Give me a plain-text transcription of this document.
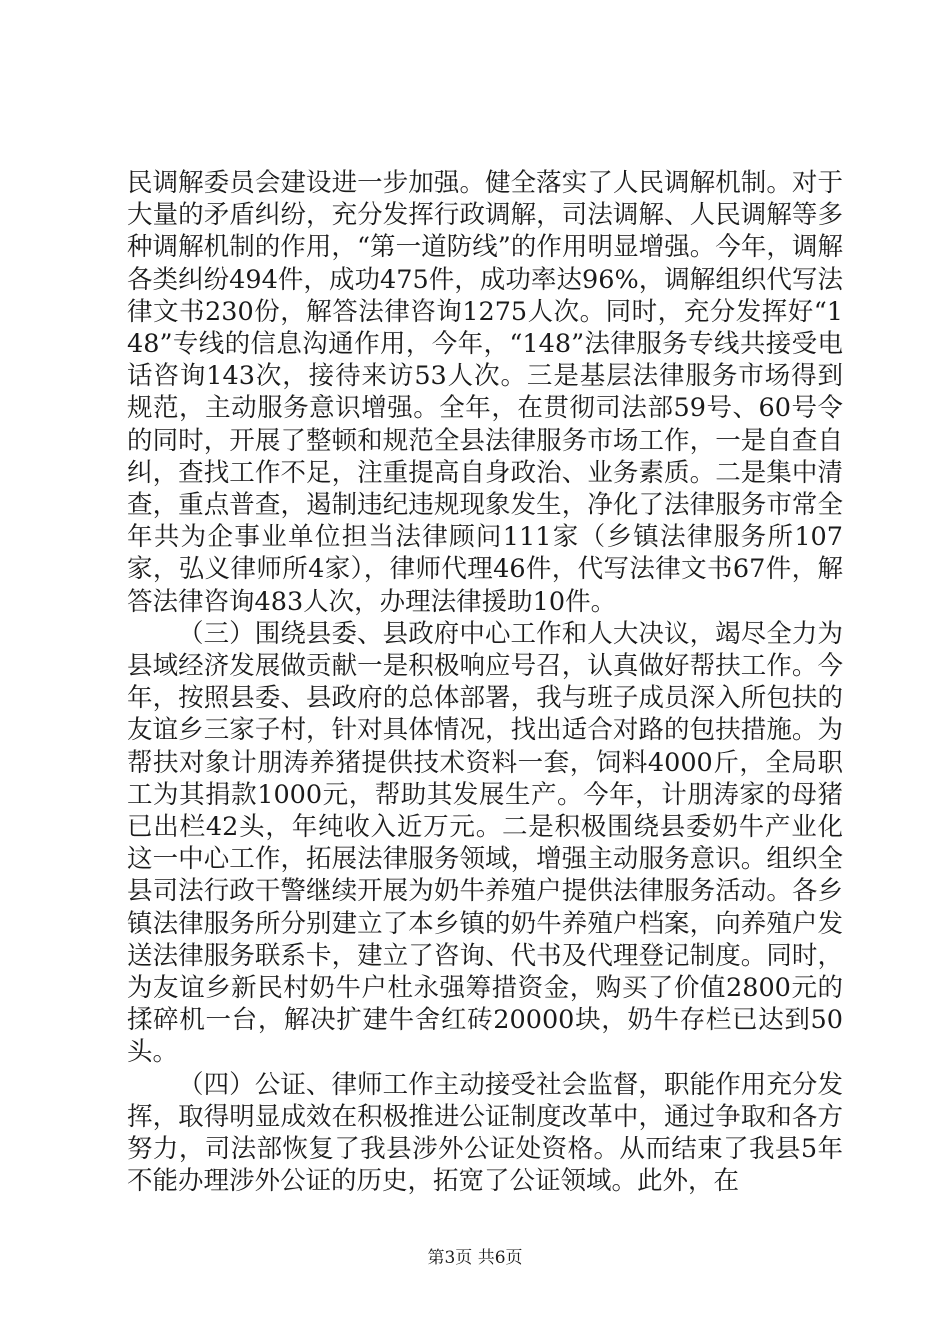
民调解委员会建设进一步加强。健全落实了人民调解机制。对于大量的矛盾纠纷，充分发挥行政调解，司法调解、人民调解等多种调解机制的作用，“第一道防线”的作用明显增强。今年，调解各类纠纷494件，成功475件，成功率达96%，调解组织代写法律文书230份，解答法律咨询1275人次。同时，充分发挥好“148”专线的信息沟通作用，今年，“148”法律服务专线共接受电话咨询143次，接待来访53人次。三是基层法律服务市场得到规范，主动服务意识增强。全年，在贯彻司法部59号、60号令的同时，开展了整顿和规范全县法律服务市场工作，一是自查自纠，查找工作不足，注重提高自身政治、业务素质。二是集中清查，重点普查，遏制违纪违规现象发生，净化了法律服务市常全年共为企事业单位担当法律顾问111家（乡镇法律服务所107家，弘义律师所4家），律师代理46件，代写法律文书67件，解答法律咨询483人次，办理法律援助10件。

（三）围绕县委、县政府中心工作和人大决议，竭尽全力为县域经济发展做贡献一是积极响应号召，认真做好帮扶工作。今年，按照县委、县政府的总体部署，我与班子成员深入所包扶的友谊乡三家子村，针对具体情况，找出适合对路的包扶措施。为帮扶对象计朋涛养猪提供技术资料一套，饲料4000斤，全局职工为其捐款1000元，帮助其发展生产。今年，计朋涛家的母猪已出栏42头，年纯收入近万元。二是积极围绕县委奶牛产业化这一中心工作，拓展法律服务领域，增强主动服务意识。组织全县司法行政干警继续开展为奶牛养殖户提供法律服务活动。各乡镇法律服务所分别建立了本乡镇的奶牛养殖户档案，向养殖户发送法律服务联系卡，建立了咨询、代书及代理登记制度。同时，为友谊乡新民村奶牛户杜永强筹措资金，购买了价值2800元的揉碎机一台，解决扩建牛舍红砖20000块，奶牛存栏已达到50头。

（四）公证、律师工作主动接受社会监督，职能作用充分发挥，取得明显成效在积极推进公证制度改革中，通过争取和各方努力，司法部恢复了我县涉外公证处资格。从而结束了我县5年不能办理涉外公证的历史，拓宽了公证领域。此外，在

第3页 共6页
